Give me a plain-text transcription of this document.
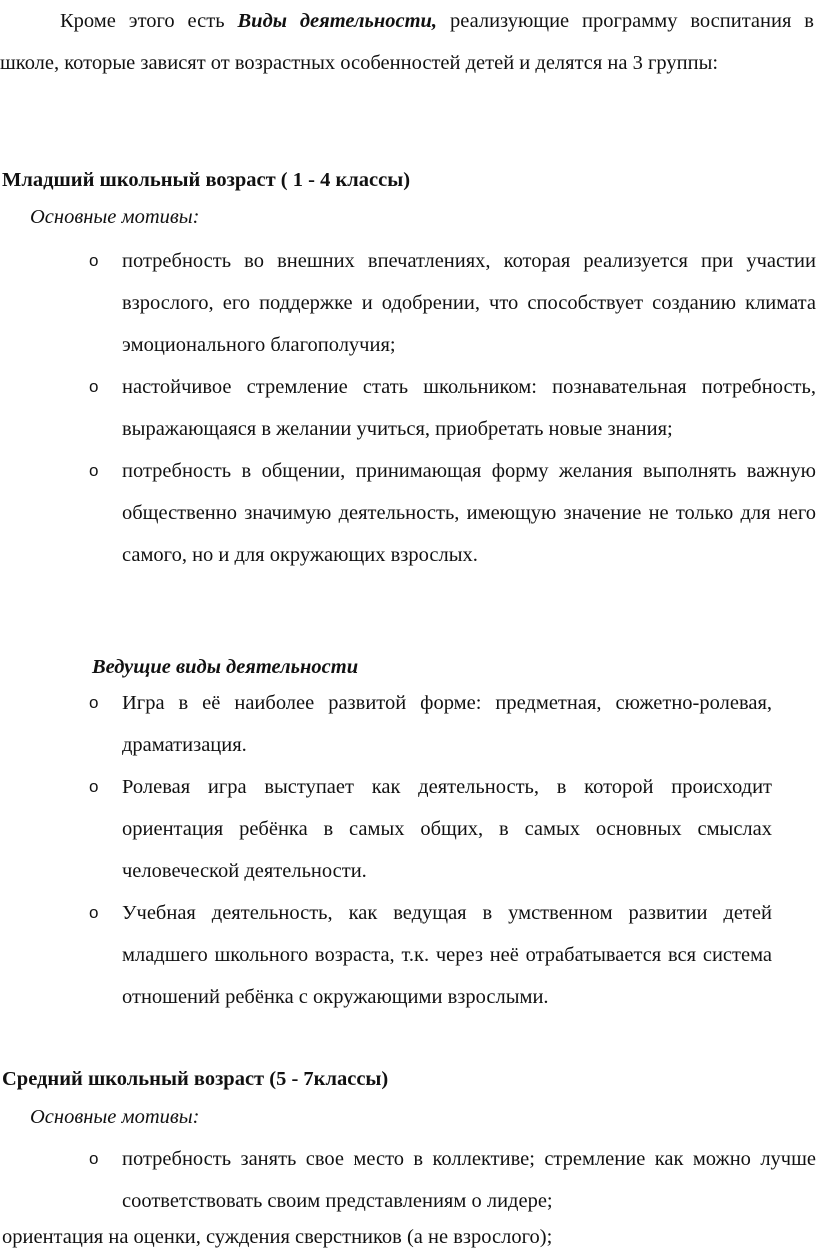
Кроме этого есть Виды деятельности, реализующие программу воспитания в школе, которые зависят от возрастных особенностей детей и делятся на 3 группы:

Младший школьный возраст ( 1 - 4 классы)

Основные мотивы:

o потребность во внешних впечатлениях, которая реализуется при участии взрослого, его поддержке и одобрении, что способствует созданию климата эмоционального благополучия;
o настойчивое стремление стать школьником: познавательная потребность, выражающаяся в желании учиться, приобретать новые знания;
o потребность в общении, принимающая форму желания выполнять важную общественно значимую деятельность, имеющую значение не только для него самого, но и для окружающих взрослых.

Ведущие виды деятельности

o Игра в её наиболее развитой форме: предметная, сюжетно-ролевая, драматизация.
o Ролевая игра выступает как деятельность, в которой происходит ориентация ребёнка в самых общих, в самых основных смыслах человеческой деятельности.
o Учебная деятельность, как ведущая в умственном развитии детей младшего школьного возраста, т.к. через неё отрабатывается вся система отношений ребёнка с окружающими взрослыми.

Средний школьный возраст (5 - 7классы)

Основные мотивы:

o потребность занять свое место в коллективе; стремление как можно лучше соответствовать своим представлениям о лидере;

ориентация на оценки, суждения сверстников (а не взрослого);
